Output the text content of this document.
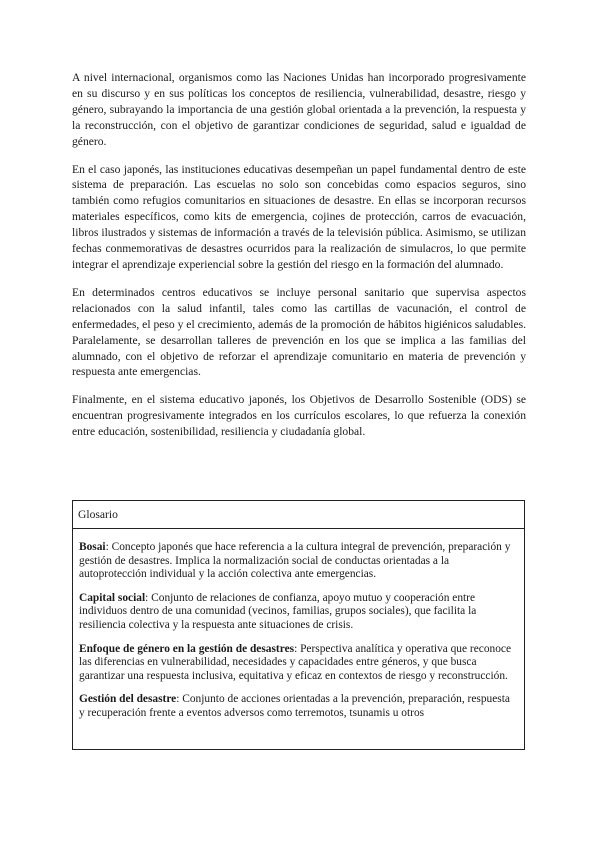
A nivel internacional, organismos como las Naciones Unidas han incorporado progresivamente en su discurso y en sus políticas los conceptos de resiliencia, vulnerabilidad, desastre, riesgo y género, subrayando la importancia de una gestión global orientada a la prevención, la respuesta y la reconstrucción, con el objetivo de garantizar condiciones de seguridad, salud e igualdad de género.

En el caso japonés, las instituciones educativas desempeñan un papel fundamental dentro de este sistema de preparación. Las escuelas no solo son concebidas como espacios seguros, sino también como refugios comunitarios en situaciones de desastre. En ellas se incorporan recursos materiales específicos, como kits de emergencia, cojines de protección, carros de evacuación, libros ilustrados y sistemas de información a través de la televisión pública. Asimismo, se utilizan fechas conmemorativas de desastres ocurridos para la realización de simulacros, lo que permite integrar el aprendizaje experiencial sobre la gestión del riesgo en la formación del alumnado.

En determinados centros educativos se incluye personal sanitario que supervisa aspectos relacionados con la salud infantil, tales como las cartillas de vacunación, el control de enfermedades, el peso y el crecimiento, además de la promoción de hábitos higiénicos saludables. Paralelamente, se desarrollan talleres de prevención en los que se implica a las familias del alumnado, con el objetivo de reforzar el aprendizaje comunitario en materia de prevención y respuesta ante emergencias.

Finalmente, en el sistema educativo japonés, los Objetivos de Desarrollo Sostenible (ODS) se encuentran progresivamente integrados en los currículos escolares, lo que refuerza la conexión entre educación, sostenibilidad, resiliencia y ciudadanía global.

Glosario

Bosai: Concepto japonés que hace referencia a la cultura integral de prevención, preparación y gestión de desastres. Implica la normalización social de conductas orientadas a la autoprotección individual y la acción colectiva ante emergencias.

Capital social: Conjunto de relaciones de confianza, apoyo mutuo y cooperación entre individuos dentro de una comunidad (vecinos, familias, grupos sociales), que facilita la resiliencia colectiva y la respuesta ante situaciones de crisis.

Enfoque de género en la gestión de desastres: Perspectiva analítica y operativa que reconoce las diferencias en vulnerabilidad, necesidades y capacidades entre géneros, y que busca garantizar una respuesta inclusiva, equitativa y eficaz en contextos de riesgo y reconstrucción.

Gestión del desastre: Conjunto de acciones orientadas a la prevención, preparación, respuesta y recuperación frente a eventos adversos como terremotos, tsunamis u otros
